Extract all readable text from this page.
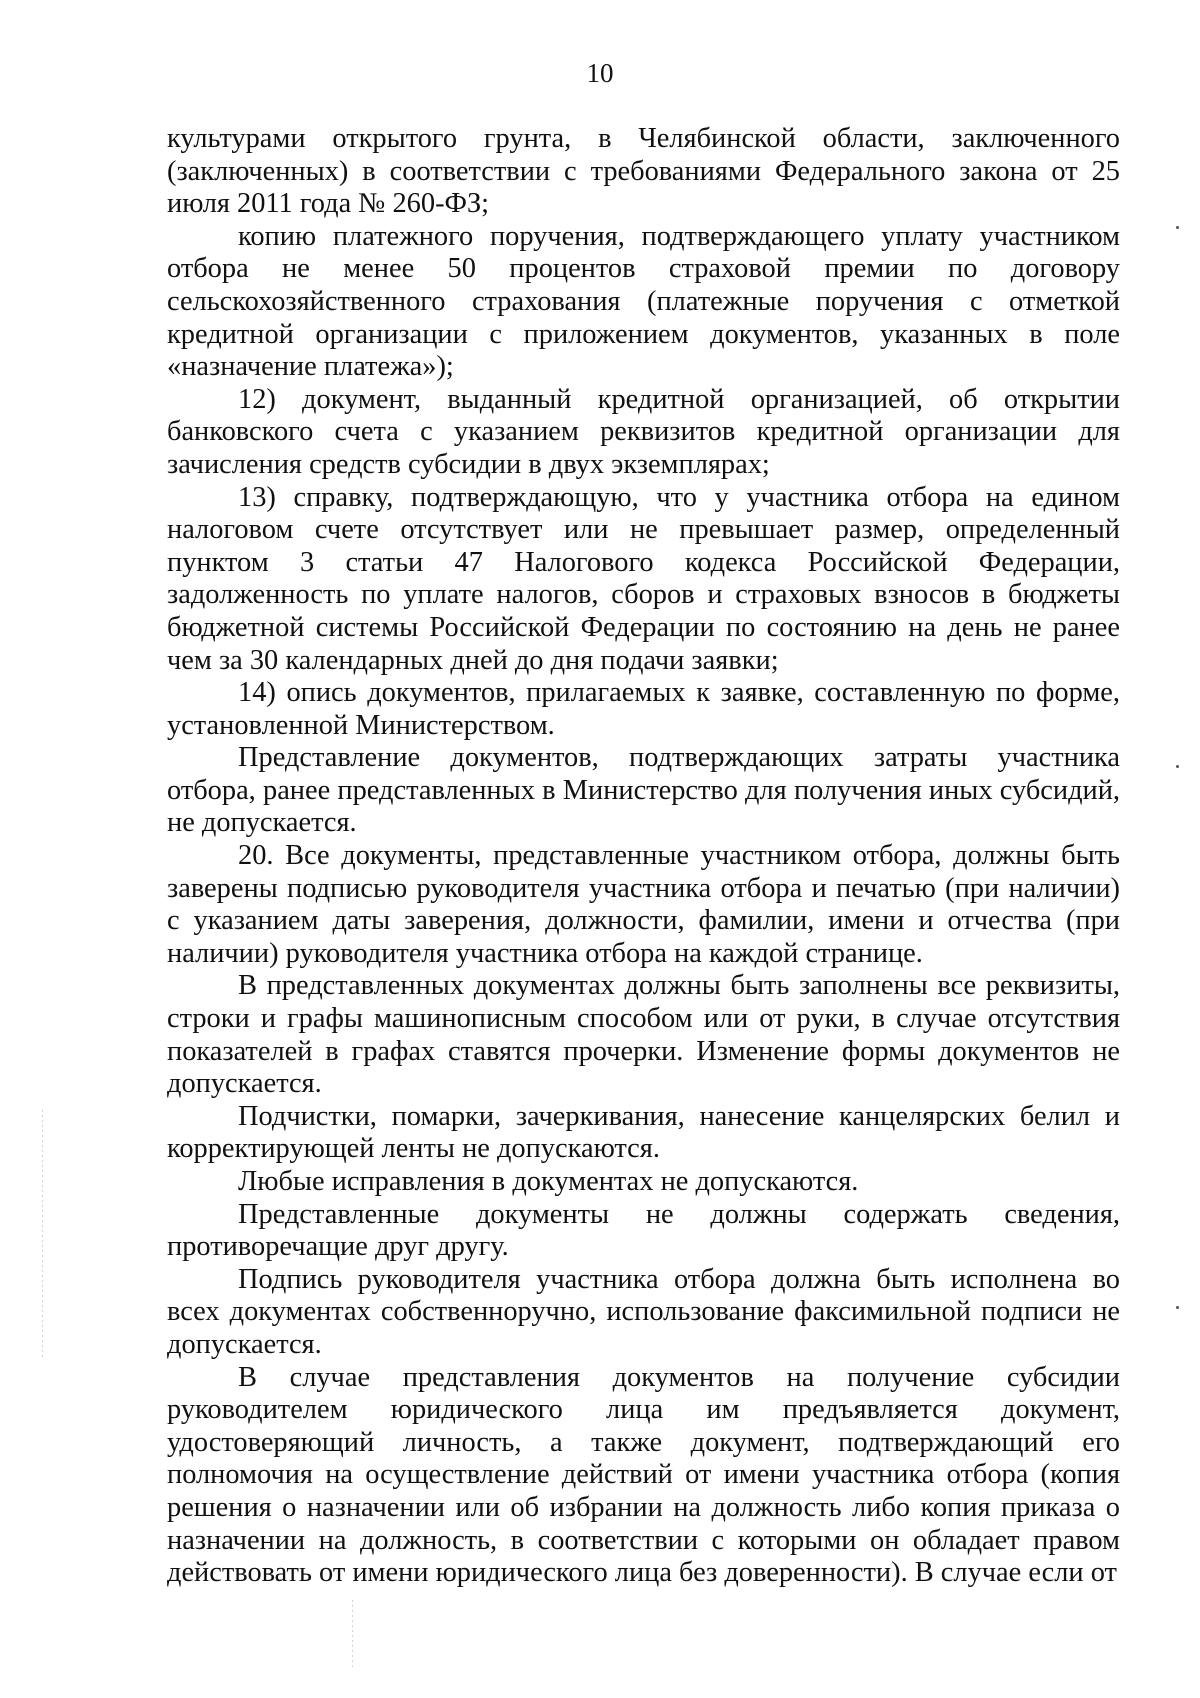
10

культурами открытого грунта, в Челябинской области, заключенного (заключенных) в соответствии с требованиями Федерального закона от 25 июля 2011 года № 260-ФЗ;

копию платежного поручения, подтверждающего уплату участником отбора не менее 50 процентов страховой премии по договору сельскохозяйственного страхования (платежные поручения с отметкой кредитной организации с приложением документов, указанных в поле «назначение платежа»);

12) документ, выданный кредитной организацией, об открытии банковского счета с указанием реквизитов кредитной организации для зачисления средств субсидии в двух экземплярах;

13) справку, подтверждающую, что у участника отбора на едином налоговом счете отсутствует или не превышает размер, определенный пунктом 3 статьи 47 Налогового кодекса Российской Федерации, задолженность по уплате налогов, сборов и страховых взносов в бюджеты бюджетной системы Российской Федерации по состоянию на день не ранее чем за 30 календарных дней до дня подачи заявки;

14) опись документов, прилагаемых к заявке, составленную по форме, установленной Министерством.

Представление документов, подтверждающих затраты участника отбора, ранее представленных в Министерство для получения иных субсидий, не допускается.

20. Все документы, представленные участником отбора, должны быть заверены подписью руководителя участника отбора и печатью (при наличии) с указанием даты заверения, должности, фамилии, имени и отчества (при наличии) руководителя участника отбора на каждой странице.

В представленных документах должны быть заполнены все реквизиты, строки и графы машинописным способом или от руки, в случае отсутствия показателей в графах ставятся прочерки. Изменение формы документов не допускается.

Подчистки, помарки, зачеркивания, нанесение канцелярских белил и корректирующей ленты не допускаются.

Любые исправления в документах не допускаются.

Представленные документы не должны содержать сведения, противоречащие друг другу.

Подпись руководителя участника отбора должна быть исполнена во всех документах собственноручно, использование факсимильной подписи не допускается.

В случае представления документов на получение субсидии руководителем юридического лица им предъявляется документ, удостоверяющий личность, а также документ, подтверждающий его полномочия на осуществление действий от имени участника отбора (копия решения о назначении или об избрании на должность либо копия приказа о назначении на должность, в соответствии с которыми он обладает правом действовать от имени юридического лица без доверенности). В случае если от
